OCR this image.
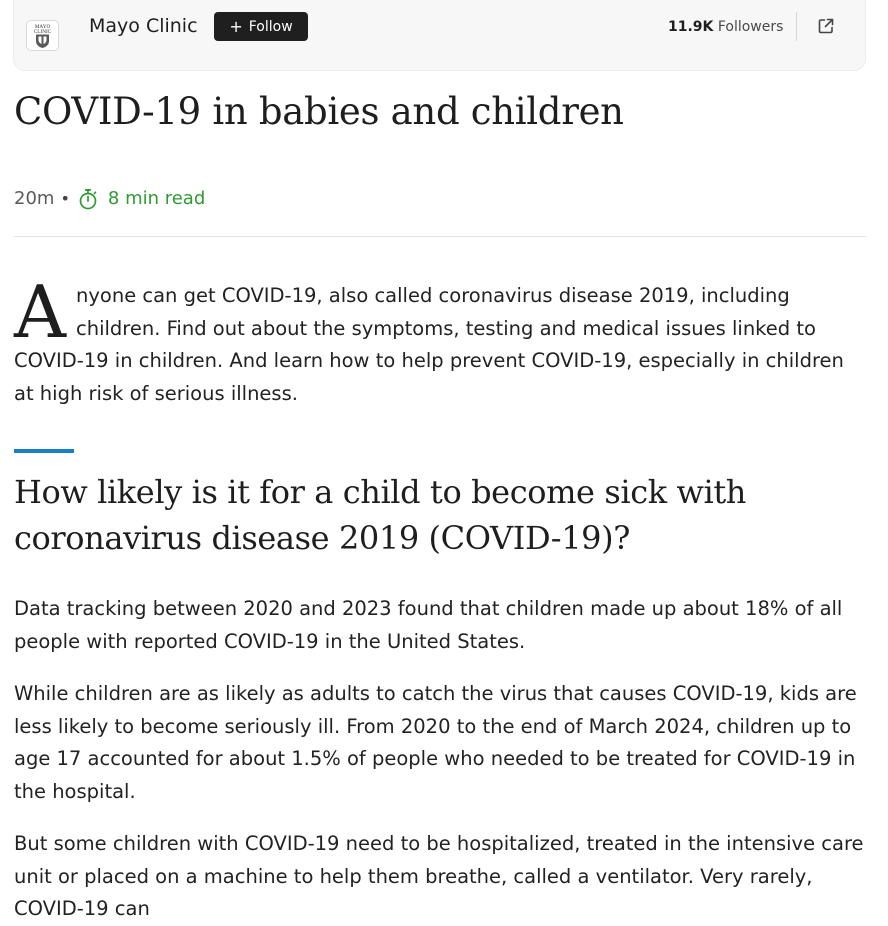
MAYO
CLINIC Mayo Clinic + Follow	11.9K Followers
COVID-19 in babies and children
20m • 8 min read

Anyone can get COVID-19, also called coronavirus disease 2019, including children. Find out about the symptoms, testing and medical issues linked to COVID-19 in children. And learn how to help prevent COVID-19, especially in children at high risk of serious illness.

How likely is it for a child to become sick with coronavirus disease 2019 (COVID-19)?

Data tracking between 2020 and 2023 found that children made up about 18% of all people with reported COVID-19 in the United States.

While children are as likely as adults to catch the virus that causes COVID-19, kids are less likely to become seriously ill. From 2020 to the end of March 2024, children up to age 17 accounted for about 1.5% of people who needed to be treated for COVID-19 in the hospital.

But some children with COVID-19 need to be hospitalized, treated in the intensive care unit or placed on a machine to help them breathe, called a ventilator. Very rarely, COVID-19 can
